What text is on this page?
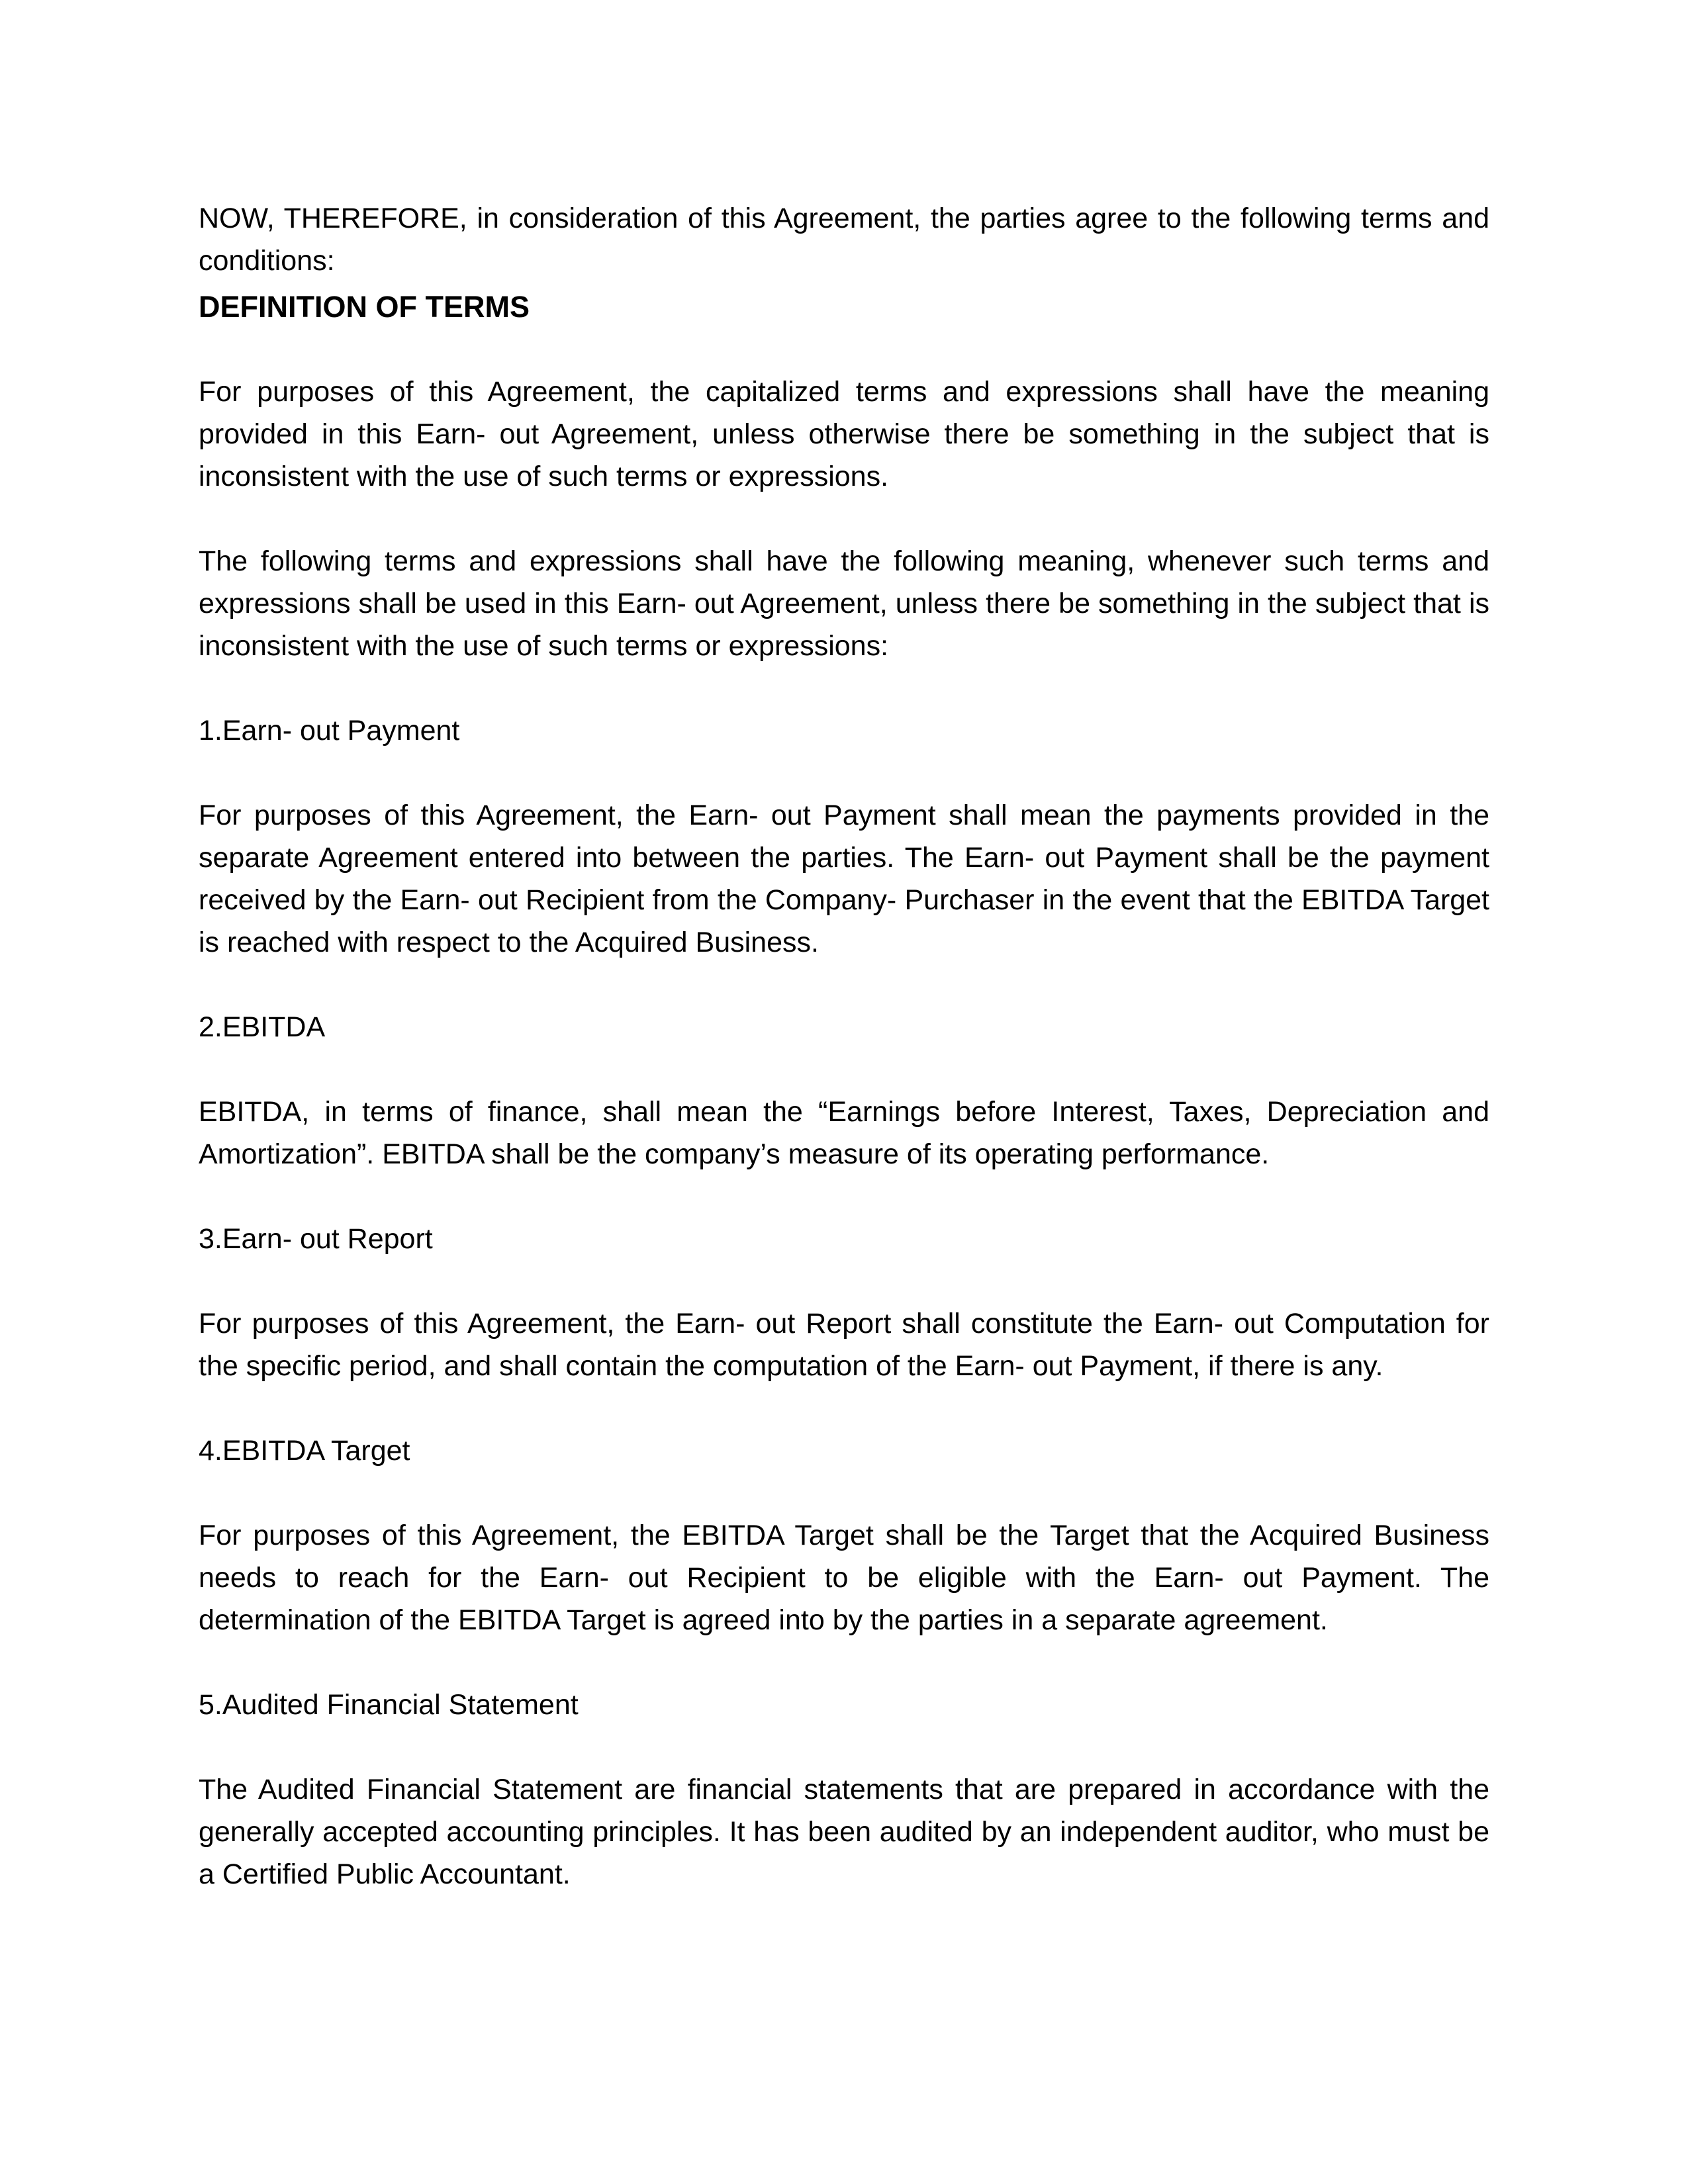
NOW, THEREFORE, in consideration of this Agreement, the parties agree to the following terms and conditions:

DEFINITION OF TERMS

For purposes of this Agreement, the capitalized terms and expressions shall have the meaning provided in this Earn- out Agreement, unless otherwise there be something in the subject that is inconsistent with the use of such terms or expressions.

The following terms and expressions shall have the following meaning, whenever such terms and expressions shall be used in this Earn- out Agreement, unless there be something in the subject that is inconsistent with the use of such terms or expressions:

1.Earn- out Payment

For purposes of this Agreement, the Earn- out Payment shall mean the payments provided in the separate Agreement entered into between the parties. The Earn- out Payment shall be the payment received by the Earn- out Recipient from the Company- Purchaser in the event that the EBITDA Target is reached with respect to the Acquired Business.

2.EBITDA

EBITDA, in terms of finance, shall mean the “Earnings before Interest, Taxes, Depreciation and Amortization”. EBITDA shall be the company’s measure of its operating performance.

3.Earn- out Report

For purposes of this Agreement, the Earn- out Report shall constitute the Earn- out Computation for the specific period, and shall contain the computation of the Earn- out Payment, if there is any.

4.EBITDA Target

For purposes of this Agreement, the EBITDA Target shall be the Target that the Acquired Business needs to reach for the Earn- out Recipient to be eligible with the Earn- out Payment. The determination of the EBITDA Target is agreed into by the parties in a separate agreement.

5.Audited Financial Statement

The Audited Financial Statement are financial statements that are prepared in accordance with the generally accepted accounting principles. It has been audited by an independent auditor, who must be a Certified Public Accountant.
